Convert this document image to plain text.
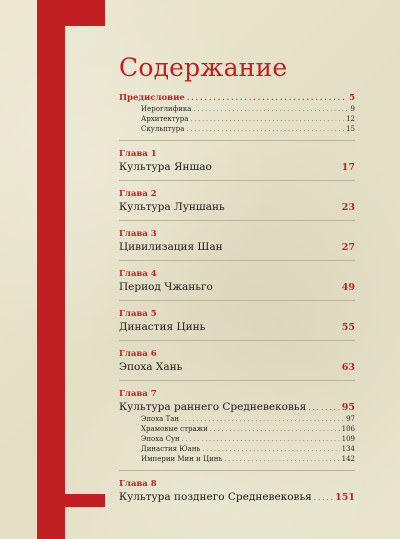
Содержание
Предисловие .....	5
Иероглифика .....	9
Архитектура .....	12
Скульптура .....	15
Глава 1
Культура Яншао	17
Глава 2
Культура Луншань	23
Глава 3
Цивилизация Шан	27
Глава 4
Период Чжаньго	49
Глава 5
Династия Цинь	55
Глава 6
Эпоха Хань	63
Глава 7
Культура раннего Средневековья .....	95
Эпоха Тан .....	97
Храмовые стражи .....	106
Эпоха Сун .....	109
Династия Юань .....	134
Империи Мин и Цинь .....	142
Глава 8
Культура позднего Средневековья ..... 151
